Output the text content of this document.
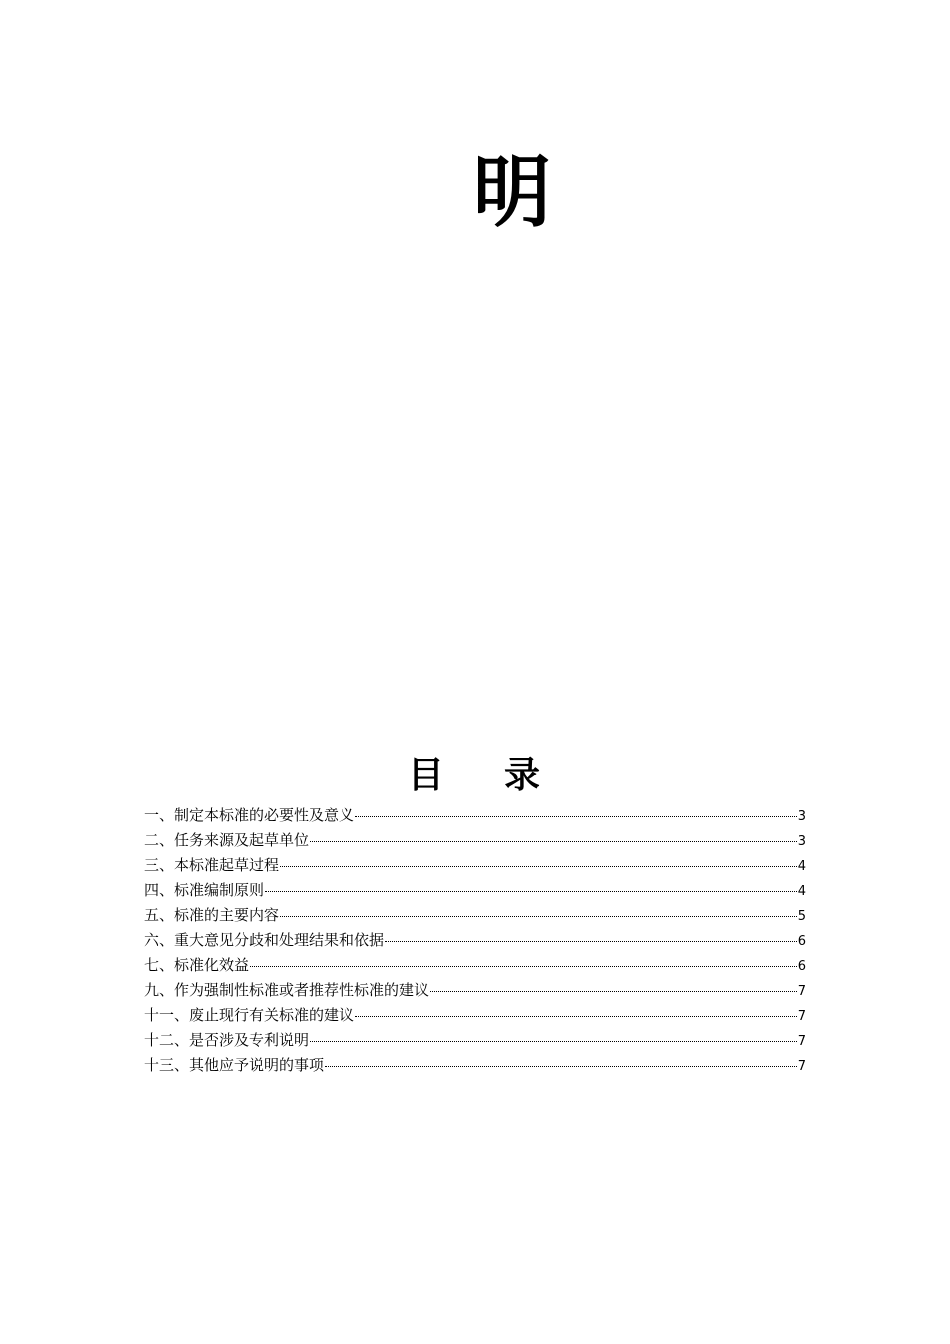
明
目    录
一、制定本标准的必要性及意义	3
二、任务来源及起草单位	3
三、本标准起草过程	4
四、标准编制原则	4
五、标准的主要内容	5
六、重大意见分歧和处理结果和依据	6
七、标准化效益	6
九、作为强制性标准或者推荐性标准的建议	7
十一、废止现行有关标准的建议	7
十二、是否涉及专利说明	7
十三、其他应予说明的事项	7
